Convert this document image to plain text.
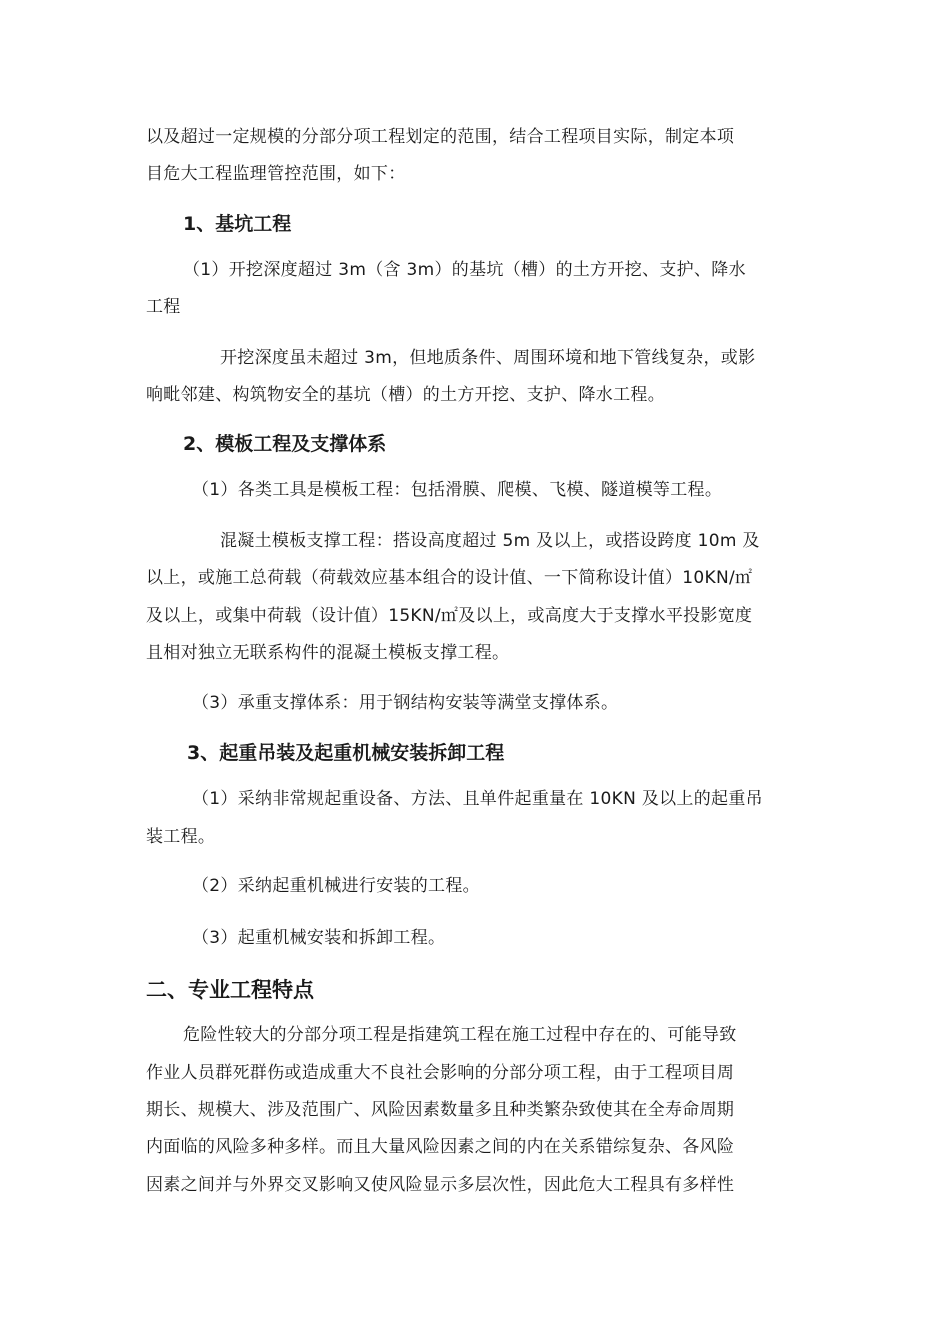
以及超过一定规模的分部分项工程划定的范围，结合工程项目实际，制定本项
目危大工程监理管控范围，如下：
1、基坑工程
（1）开挖深度超过 3m（含 3m）的基坑（槽）的土方开挖、支护、降水
工程
开挖深度虽未超过 3m，但地质条件、周围环境和地下管线复杂，或影
响毗邻建、构筑物安全的基坑（槽）的土方开挖、支护、降水工程。
2、模板工程及支撑体系
（1）各类工具是模板工程：包括滑膜、爬模、飞模、隧道模等工程。
混凝土模板支撑工程：搭设高度超过 5m 及以上，或搭设跨度 10m 及
以上，或施工总荷载（荷载效应基本组合的设计值、一下简称设计值）10KN/㎡
及以上，或集中荷载（设计值）15KN/㎡及以上，或高度大于支撑水平投影宽度
且相对独立无联系构件的混凝土模板支撑工程。
（3）承重支撑体系：用于钢结构安装等满堂支撑体系。
3、起重吊装及起重机械安装拆卸工程
（1）采纳非常规起重设备、方法、且单件起重量在 10KN 及以上的起重吊
装工程。
（2）采纳起重机械进行安装的工程。
（3）起重机械安装和拆卸工程。
二、专业工程特点
危险性较大的分部分项工程是指建筑工程在施工过程中存在的、可能导致
作业人员群死群伤或造成重大不良社会影响的分部分项工程，由于工程项目周
期长、规模大、涉及范围广、风险因素数量多且种类繁杂致使其在全寿命周期
内面临的风险多种多样。而且大量风险因素之间的内在关系错综复杂、各风险
因素之间并与外界交叉影响又使风险显示多层次性，因此危大工程具有多样性
